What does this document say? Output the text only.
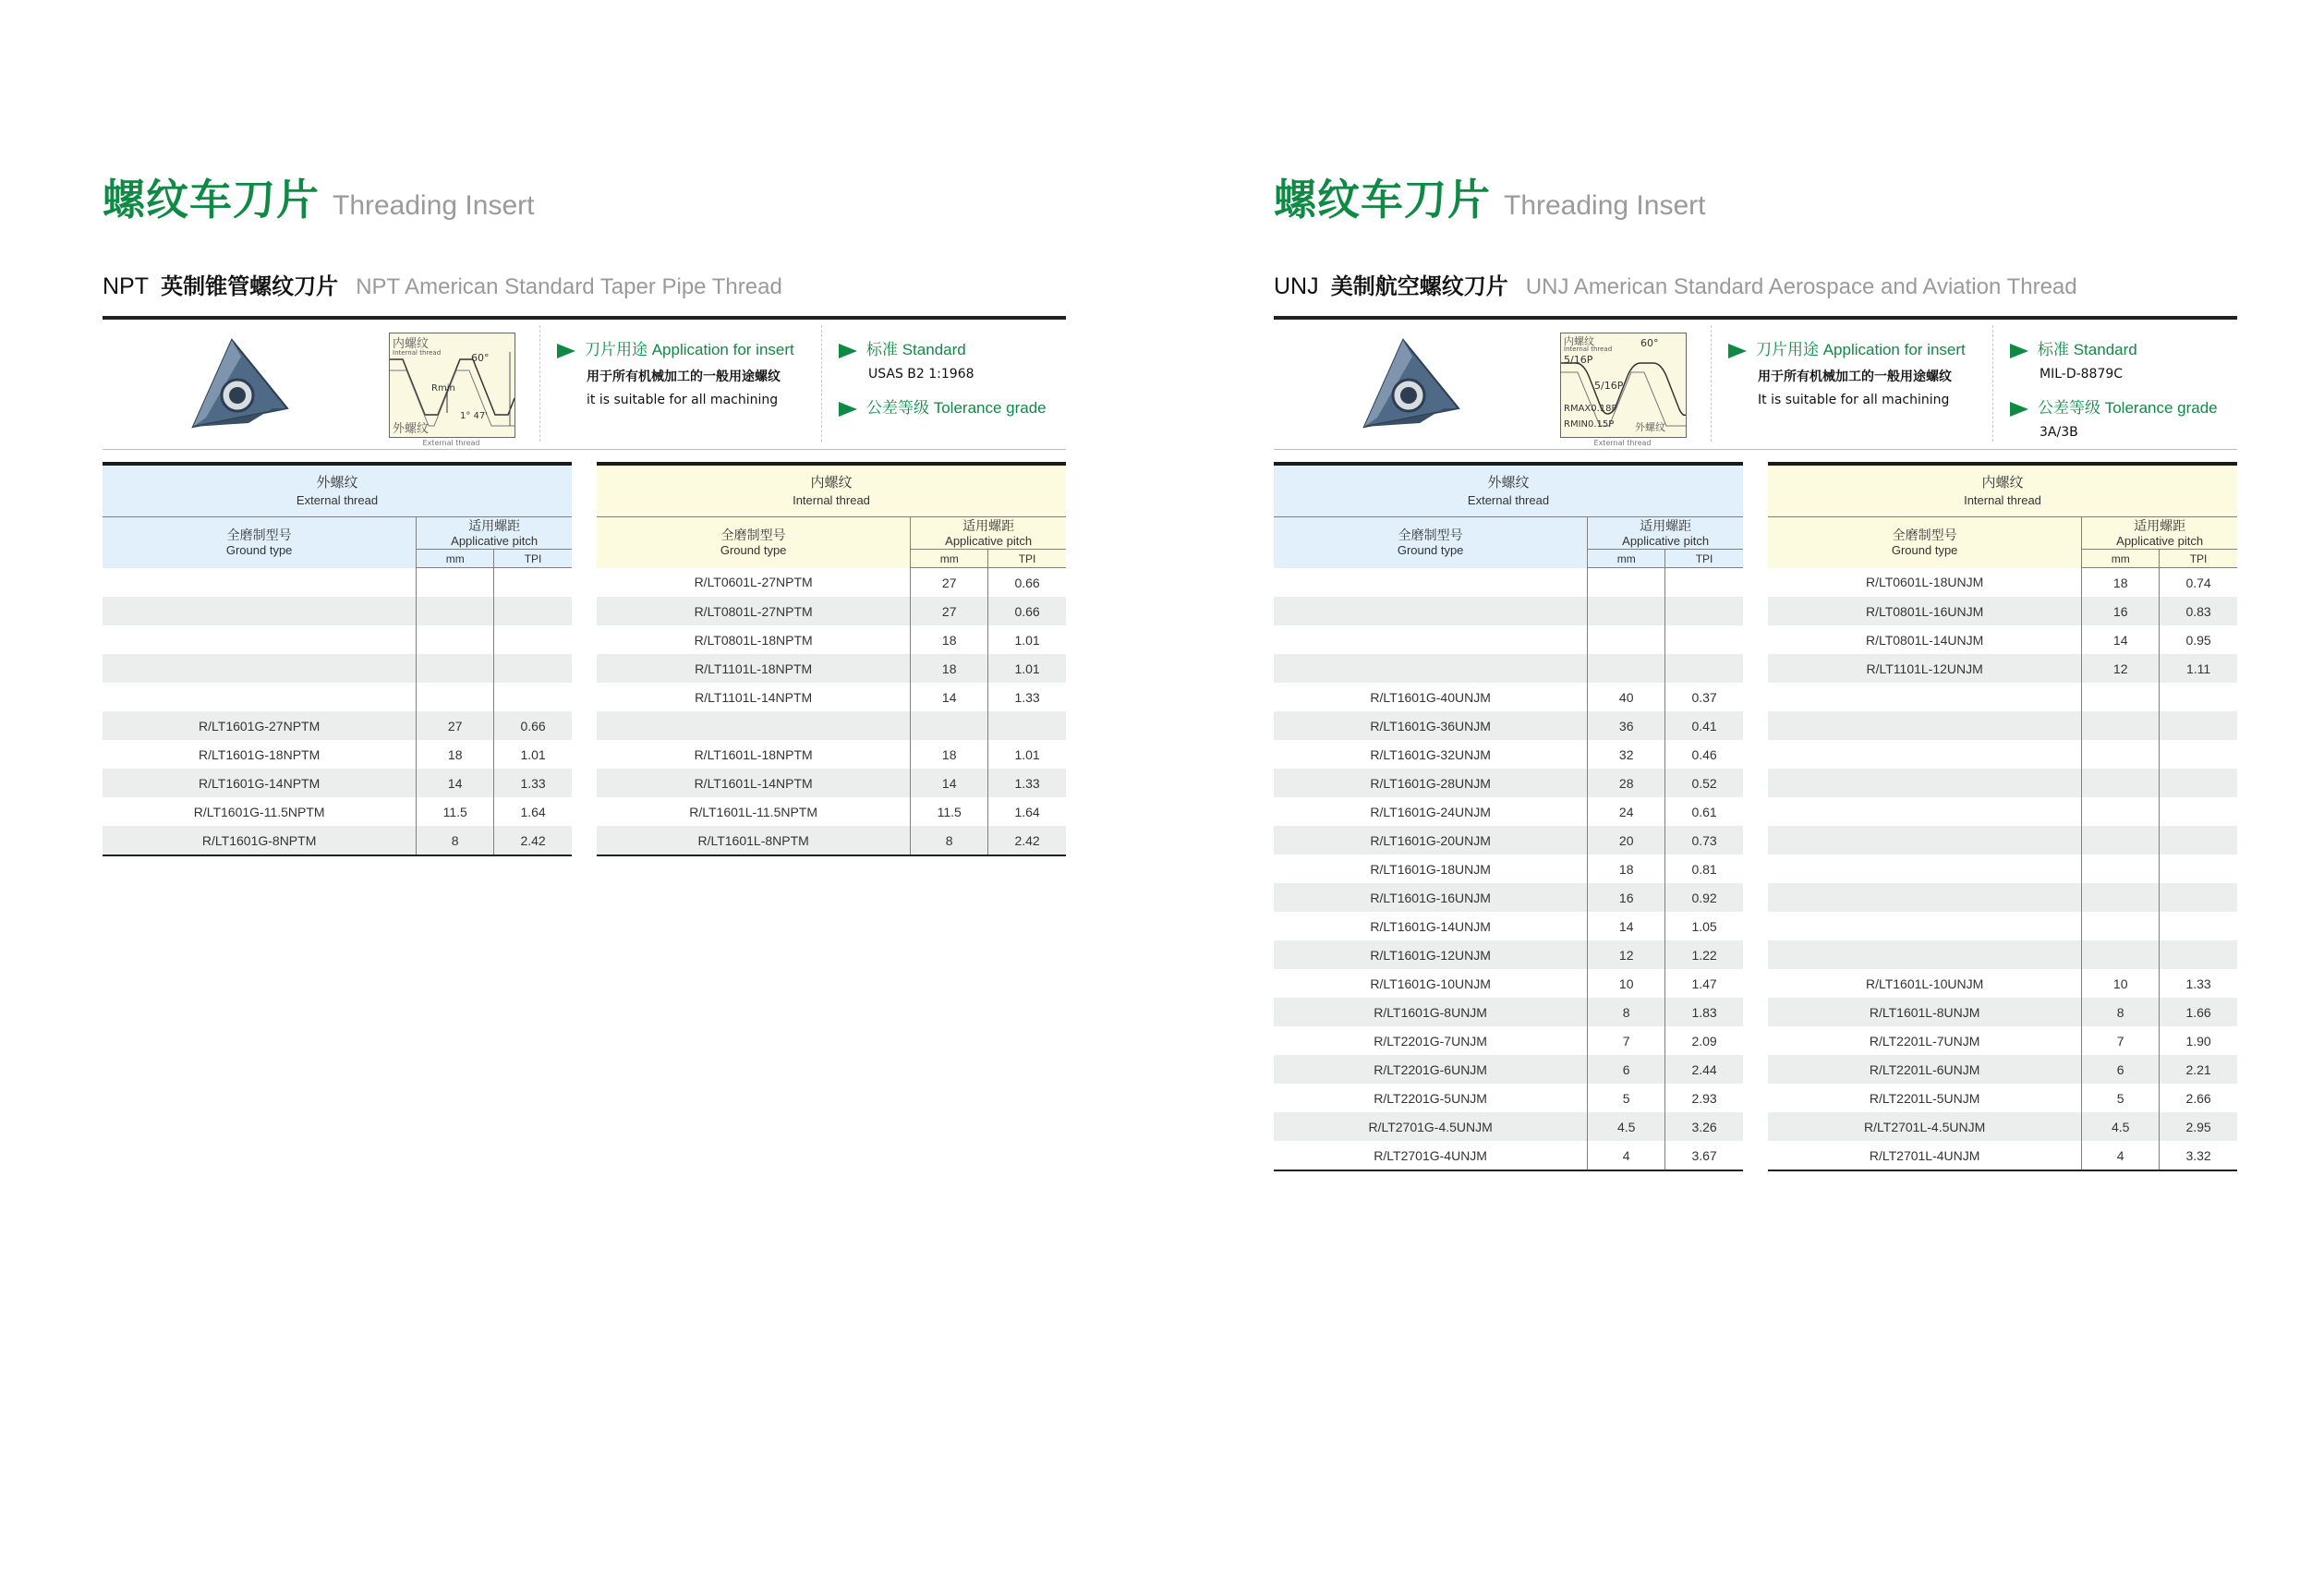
螺纹车刀片 Threading Insert
NPT 英制锥管螺纹刀片 NPT American Standard Taper Pipe Thread
内螺纹
Internal thread	60°
Rmin
1° 47'
外螺纹
External thread
刀片用途 Application for insert
用于所有机械加工的一般用途螺纹
it is suitable for all machining
标准 Standard
USAS B2 1:1968
公差等级 Tolerance grade
外螺纹
External thread		
全磨制型号
Ground type	适用螺距
Applicative pitch	
	mm	TPI

R/LT1601G-27NPTM	27	0.66
R/LT1601G-18NPTM	18	1.01
R/LT1601G-14NPTM	14	1.33
R/LT1601G-11.5NPTM	11.5	1.64
R/LT1601G-8NPTM	8	2.42
内螺纹
Internal thread		
全磨制型号
Ground type	适用螺距
Applicative pitch	
	mm	TPI
R/LT0601L-27NPTM	27	0.66
R/LT0801L-27NPTM	27	0.66
R/LT0801L-18NPTM	18	1.01
R/LT1101L-18NPTM	18	1.01
R/LT1101L-14NPTM	14	1.33

R/LT1601L-18NPTM	18	1.01
R/LT1601L-14NPTM	14	1.33
R/LT1601L-11.5NPTM	11.5	1.64
R/LT1601L-8NPTM	8	2.42
螺纹车刀片 Threading Insert
UNJ 美制航空螺纹刀片 UNJ American Standard Aerospace and Aviation Thread
内螺纹
Internal thread	60°
5/16P
5/16P
RMAX0.18P
RMIN0.15P 外螺纹
External thread
刀片用途 Application for insert
用于所有机械加工的一般用途螺纹
It is suitable for all machining
标准 Standard
MIL-D-8879C
公差等级 Tolerance grade
3A/3B
外螺纹
External thread		
全磨制型号
Ground type	适用螺距
Applicative pitch	
	mm	TPI

R/LT1601G-40UNJM	40	0.37
R/LT1601G-36UNJM	36	0.41
R/LT1601G-32UNJM	32	0.46
R/LT1601G-28UNJM	28	0.52
R/LT1601G-24UNJM	24	0.61
R/LT1601G-20UNJM	20	0.73
R/LT1601G-18UNJM	18	0.81
R/LT1601G-16UNJM	16	0.92
R/LT1601G-14UNJM	14	1.05
R/LT1601G-12UNJM	12	1.22
R/LT1601G-10UNJM	10	1.47
R/LT1601G-8UNJM	8	1.83
R/LT2201G-7UNJM	7	2.09
R/LT2201G-6UNJM	6	2.44
R/LT2201G-5UNJM	5	2.93
R/LT2701G-4.5UNJM	4.5	3.26
R/LT2701G-4UNJM	4	3.67
内螺纹
Internal thread		
全磨制型号
Ground type	适用螺距
Applicative pitch	
	mm	TPI
R/LT0601L-18UNJM	18	0.74
R/LT0801L-16UNJM	16	0.83
R/LT0801L-14UNJM	14	0.95
R/LT1101L-12UNJM	12	1.11

R/LT1601L-10UNJM	10	1.33
R/LT1601L-8UNJM	8	1.66
R/LT2201L-7UNJM	7	1.90
R/LT2201L-6UNJM	6	2.21
R/LT2201L-5UNJM	5	2.66
R/LT2701L-4.5UNJM	4.5	2.95
R/LT2701L-4UNJM	4	3.32
